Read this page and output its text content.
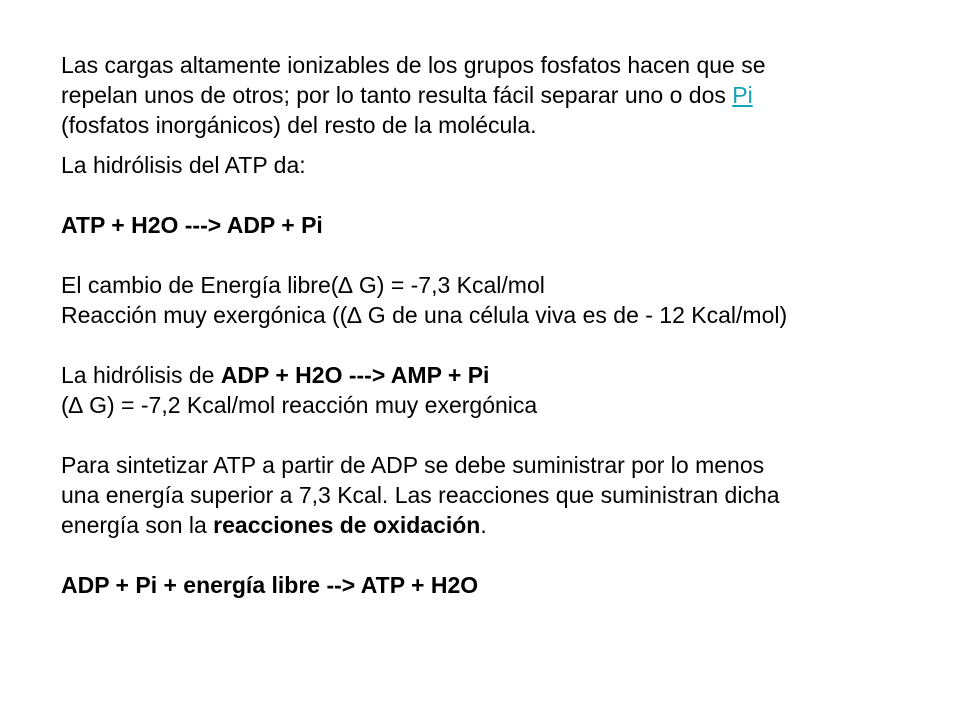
Las cargas altamente ionizables de los grupos fosfatos hacen que se
repelan unos de otros; por lo tanto resulta fácil separar uno o dos Pi
(fosfatos inorgánicos) del resto de la molécula.
La hidrólisis del ATP da:
ATP + H2O ---> ADP + Pi
El cambio de Energía libre(∆ G) = -7,3 Kcal/mol
Reacción muy exergónica ((∆ G de una célula viva es de - 12 Kcal/mol)
La hidrólisis de ADP + H2O ---> AMP + Pi
(∆ G) = -7,2 Kcal/mol reacción muy exergónica
Para sintetizar ATP a partir de ADP se debe suministrar por lo menos
una energía superior a 7,3 Kcal. Las reacciones que suministran dicha
energía son la reacciones de oxidación.
ADP + Pi + energía libre --> ATP + H2O
